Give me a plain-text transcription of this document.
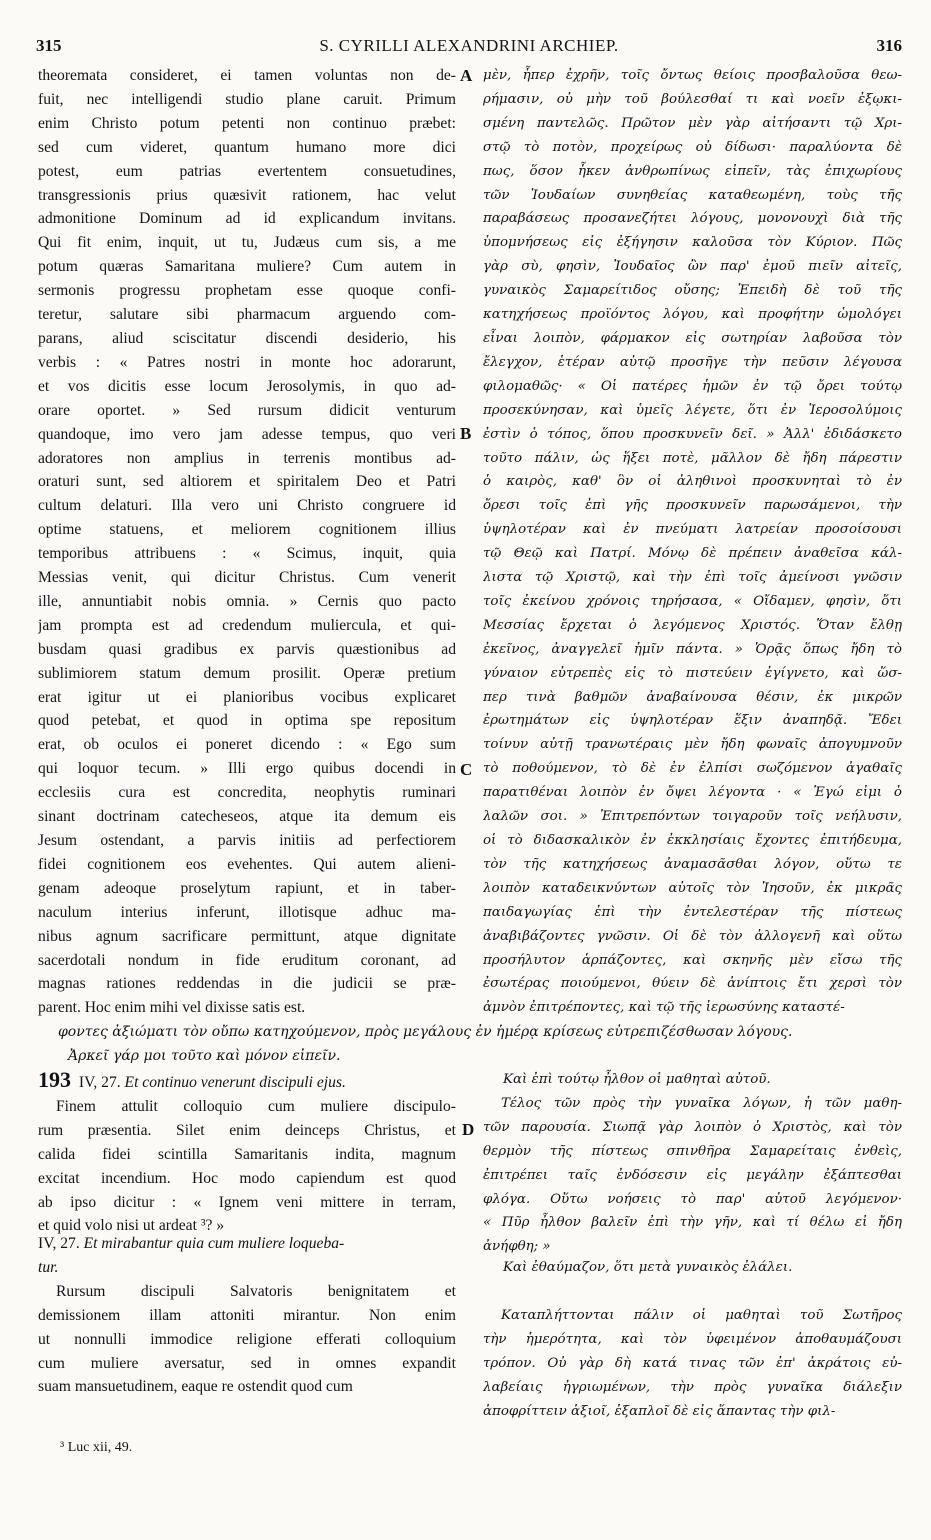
315	S. CYRILLI ALEXANDRINI ARCHIEP.	316
theoremata consideret, ei tamen voluntas non de-
fuit, nec intelligendi studio plane caruit. Primum
enim Christo potum petenti non continuo præbet:
sed cum videret, quantum humano more dici
potest, eum patrias evertentem consuetudines,
transgressionis prius quæsivit rationem, hac velut
admonitione Dominum ad id explicandum invitans.
Qui fit enim, inquit, ut tu, Judæus cum sis, a me
potum quæras Samaritana muliere? Cum autem in
sermonis progressu prophetam esse quoque confi-
teretur, salutare sibi pharmacum arguendo com-
parans, aliud sciscitatur discendi desiderio, his
verbis : « Patres nostri in monte hoc adorarunt,
et vos dicitis esse locum Jerosolymis, in quo ad-
orare oportet. » Sed rursum didicit venturum
quandoque, imo vero jam adesse tempus, quo veri
adoratores non amplius in terrenis montibus ad-
oraturi sunt, sed altiorem et spiritalem Deo et Patri
cultum delaturi. Illa vero uni Christo congruere id
optime statuens, et meliorem cognitionem illius
temporibus attribuens : « Scimus, inquit, quia
Messias venit, qui dicitur Christus. Cum venerit
ille, annuntiabit nobis omnia. » Cernis quo pacto
jam prompta est ad credendum muliercula, et qui-
busdam quasi gradibus ex parvis quæstionibus ad
sublimiorem statum demum prosilit. Operæ pretium
erat igitur ut ei planioribus vocibus explicaret
quod petebat, et quod in optima spe repositum
erat, ob oculos ei poneret dicendo : « Ego sum
qui loquor tecum. » Illi ergo quibus docendi in
ecclesiis cura est concredita, neophytis ruminari
sinant doctrinam catecheseos, atque ita demum eis
Jesum ostendant, a parvis initiis ad perfectiorem
fidei cognitionem eos evehentes. Qui autem alieni-
genam adeoque proselytum rapiunt, et in taber-
naculum interius inferunt, illotisque adhuc ma-
nibus agnum sacrificare permittunt, atque dignitate
sacerdotali nondum in fide eruditum coronant, ad
magnas rationes reddendas in die judicii se præ-
parent. Hoc enim mihi vel dixisse satis est.
μὲν, ἧπερ ἐχρῆν, τοῖς ὄντως θείοις προσβαλοῦσα θεω-
ρήμασιν, οὐ μὴν τοῦ βούλεσθαί τι καὶ νοεῖν ἐξῳκι-
σμένη παντελῶς. Πρῶτον μὲν γὰρ αἰτήσαντι τῷ Χρι-
στῷ τὸ ποτὸν, προχείρως οὐ δίδωσι· παραλύοντα δὲ
πως, ὅσον ἧκεν ἀνθρωπίνως εἰπεῖν, τὰς ἐπιχωρίους
τῶν Ἰουδαίων συνηθείας καταθεωμένη, τοὺς τῆς
παραβάσεως προσανεζήτει λόγους, μονονουχὶ διὰ τῆς
ὑπομνήσεως εἰς ἐξήγησιν καλοῦσα τὸν Κύριον. Πῶς
γὰρ σὺ, φησὶν, Ἰουδαῖος ὢν παρ' ἐμοῦ πιεῖν αἰτεῖς,
γυναικὸς Σαμαρείτιδος οὔσης; Ἐπειδὴ δὲ τοῦ τῆς
κατηχήσεως προϊόντος λόγου, καὶ προφήτην ὡμολόγει
εἶναι λοιπὸν, φάρμακον εἰς σωτηρίαν λαβοῦσα τὸν
ἔλεγχον, ἑτέραν αὐτῷ προσῆγε τὴν πεῦσιν λέγουσα
φιλομαθῶς· « Οἱ πατέρες ἡμῶν ἐν τῷ ὄρει τούτῳ
προσεκύνησαν, καὶ ὑμεῖς λέγετε, ὅτι ἐν Ἱεροσολύμοις
ἐστὶν ὁ τόπος, ὅπου προσκυνεῖν δεῖ. » Ἀλλ' ἐδιδάσκετο
τοῦτο πάλιν, ὡς ἥξει ποτὲ, μᾶλλον δὲ ἤδη πάρεστιν
ὁ καιρὸς, καθ' ὃν οἱ ἀληθινοὶ προσκυνηταὶ τὸ ἐν
ὄρεσι τοῖς ἐπὶ γῆς προσκυνεῖν παρωσάμενοι, τὴν
ὑψηλοτέραν καὶ ἐν πνεύματι λατρείαν προσοίσουσι
τῷ Θεῷ καὶ Πατρί. Μόνῳ δὲ πρέπειν ἀναθεῖσα κάλ-
λιστα τῷ Χριστῷ, καὶ τὴν ἐπὶ τοῖς ἀμείνοσι γνῶσιν
τοῖς ἐκείνου χρόνοις τηρήσασα, « Οἴδαμεν, φησὶν, ὅτι
Μεσσίας ἔρχεται ὁ λεγόμενος Χριστός. Ὅταν ἔλθῃ
ἐκεῖνος, ἀναγγελεῖ ἡμῖν πάντα. » Ὁρᾷς ὅπως ἤδη τὸ
γύναιον εὐτρεπὲς εἰς τὸ πιστεύειν ἐγίγνετο, καὶ ὥσ-
περ τινὰ βαθμῶν ἀναβαίνουσα θέσιν, ἐκ μικρῶν
ἐρωτημάτων εἰς ὑψηλοτέραν ἕξιν ἀναπηδᾷ. Ἔδει
τοίνυν αὐτῇ τρανωτέραις μὲν ἤδη φωναῖς ἀπογυμνοῦν
τὸ ποθούμενον, τὸ δὲ ἐν ἐλπίσι σωζόμενον ἀγαθαῖς
παρατιθέναι λοιπὸν ἐν ὄψει λέγοντα · « Ἐγώ εἰμι ὁ
λαλῶν σοι. » Ἐπιτρεπόντων τοιγαροῦν τοῖς νεήλυσιν,
οἱ τὸ διδασκαλικὸν ἐν ἐκκλησίαις ἔχοντες ἐπιτήδευμα,
τὸν τῆς κατηχήσεως ἀναμασᾶσθαι λόγον, οὕτω τε
λοιπὸν καταδεικνύντων αὐτοῖς τὸν Ἰησοῦν, ἐκ μικρᾶς
παιδαγωγίας ἐπὶ τὴν ἐντελεστέραν τῆς πίστεως
ἀναβιβάζοντες γνῶσιν. Οἱ δὲ τὸν ἀλλογενῆ καὶ οὕτω
προσήλυτον ἁρπάζοντες, καὶ σκηνῆς μὲν εἴσω τῆς
ἐσωτέρας ποιούμενοι, θύειν δὲ ἀνίπτοις ἔτι χερσὶ τὸν
ἀμνὸν ἐπιτρέποντες, καὶ τῷ τῆς ἱερωσύνης καταστέ-
A
B
C
D
φοντες ἀξιώματι τὸν οὔπω κατηχούμενον, πρὸς μεγάλους ἐν ἡμέρᾳ κρίσεως εὐτρεπιζέσθωσαν λόγους.
Ἀρκεῖ γάρ μοι τοῦτο καὶ μόνον εἰπεῖν.
193 IV, 27. Et continuo venerunt discipuli ejus.
Finem attulit colloquio cum muliere discipulo-
rum præsentia. Silet enim deinceps Christus, et
calida fidei scintilla Samaritanis indita, magnum
excitat incendium. Hoc modo capiendum est quod
ab ipso dicitur : « Ignem veni mittere in terram,
et quid volo nisi ut ardeat ³? »
Καὶ ἐπὶ τούτῳ ἦλθον οἱ μαθηταὶ αὐτοῦ.
Τέλος τῶν πρὸς τὴν γυναῖκα λόγων, ἡ τῶν μαθη-
τῶν παρουσία. Σιωπᾷ γὰρ λοιπὸν ὁ Χριστὸς, καὶ τὸν
θερμὸν τῆς πίστεως σπινθῆρα Σαμαρείταις ἐνθεὶς,
ἐπιτρέπει ταῖς ἐνδόσεσιν εἰς μεγάλην ἐξάπτεσθαι
φλόγα. Οὕτω νοήσεις τὸ παρ' αὐτοῦ λεγόμενον·
« Πῦρ ἦλθον βαλεῖν ἐπὶ τὴν γῆν, καὶ τί θέλω εἰ ἤδη
ἀνήφθη; »
IV, 27. Et mirabantur quia cum muliere loqueba-
tur.
Rursum discipuli Salvatoris benignitatem et
demissionem illam attoniti mirantur. Non enim
ut nonnulli immodice religione efferati colloquium
cum muliere aversatur, sed in omnes expandit
suam mansuetudinem, eaque re ostendit quod cum
Καὶ ἐθαύμαζον, ὅτι μετὰ γυναικὸς ἐλάλει.
Καταπλήττονται πάλιν οἱ μαθηταὶ τοῦ Σωτῆρος
τὴν ἡμερότητα, καὶ τὸν ὑφειμένον ἀποθαυμάζουσι
τρόπον. Οὐ γὰρ δὴ κατά τινας τῶν ἐπ' ἀκράτοις εὐ-
λαβείαις ἠγριωμένων, τὴν πρὸς γυναῖκα διάλεξιν
ἀποφρίττειν ἀξιοῖ, ἐξαπλοῖ δὲ εἰς ἅπαντας τὴν φιλ-
³ Luc xii, 49.
